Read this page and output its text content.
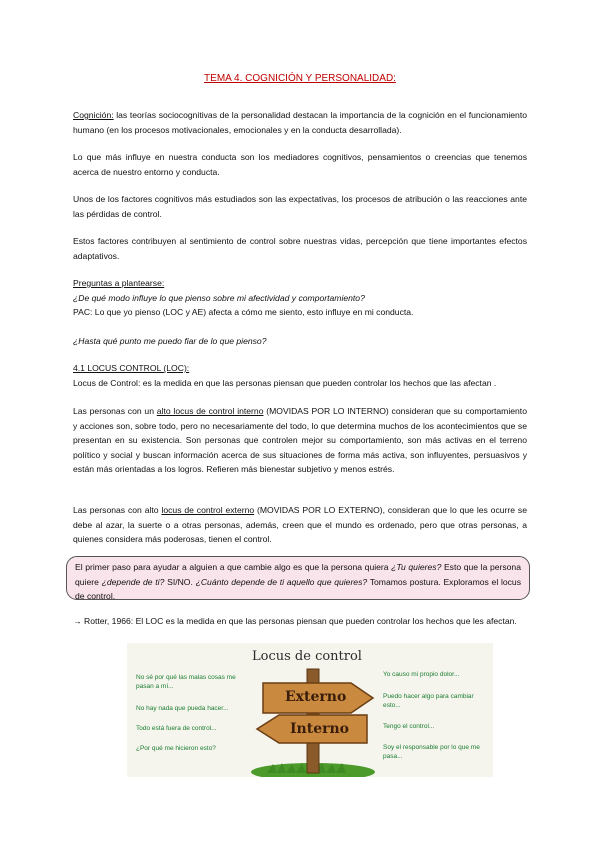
TEMA 4. COGNICIÓN Y PERSONALIDAD:

Cognición: las teorías sociocognitivas de la personalidad destacan la importancia de la cognición en el funcionamiento humano (en los procesos motivacionales, emocionales y en la conducta desarrollada).

Lo que más influye en nuestra conducta son los mediadores cognitivos, pensamientos o creencias que tenemos acerca de nuestro entorno y conducta.

Unos de los factores cognitivos más estudiados son las expectativas, los procesos de atribución o las reacciones ante las pérdidas de control.

Estos factores contribuyen al sentimiento de control sobre nuestras vidas, percepción que tiene importantes efectos adaptativos.

Preguntas a plantearse:
¿De qué modo influye lo que pienso sobre mi afectividad y comportamiento?
PAC: Lo que yo pienso (LOC y AE) afecta a cómo me siento, esto influye en mi conducta.
¿Hasta qué punto me puedo fiar de lo que pienso?
4.1 LOCUS CONTROL (LOC):
Locus de Control: es la medida en que las personas piensan que pueden controlar los hechos que las afectan .

Las personas con un alto locus de control interno (MOVIDAS POR LO INTERNO) consideran que su comportamiento y acciones son, sobre todo, pero no necesariamente del todo, lo que determina muchos de los acontecimientos que se presentan en su existencia. Son personas que controlen mejor su comportamiento, son más activas en el terreno político y social y buscan información acerca de sus situaciones de forma más activa, son influyentes, persuasivos y están más orientadas a los logros. Refieren más bienestar subjetivo y menos estrés.

Las personas con alto locus de control externo (MOVIDAS POR LO EXTERNO), consideran que lo que les ocurre se debe al azar, la suerte o a otras personas, además, creen que el mundo es ordenado, pero que otras personas, a quienes considera más poderosas, tienen el control.

El primer paso para ayudar a alguien a que cambie algo es que la persona quiera ¿Tu quieres? Esto que la persona quiere ¿depende de ti? SI/NO. ¿Cuánto depende de ti aquello que quieres? Tomamos postura. Exploramos el locus de control.

→ Rotter, 1966: El LOC es la medida en que las personas piensan que pueden controlar los hechos que les afectan.

Locus de control
Externo
Interno
No sé por qué las malas cosas me pasan a mí...
No hay nada que pueda hacer...
Todo está fuera de control...
¿Por qué me hicieron esto?
Yo causo mi propio dolor...
Puedo hacer algo para cambiar esto...
Tengo el control...
Soy el responsable por lo que me pasa...
